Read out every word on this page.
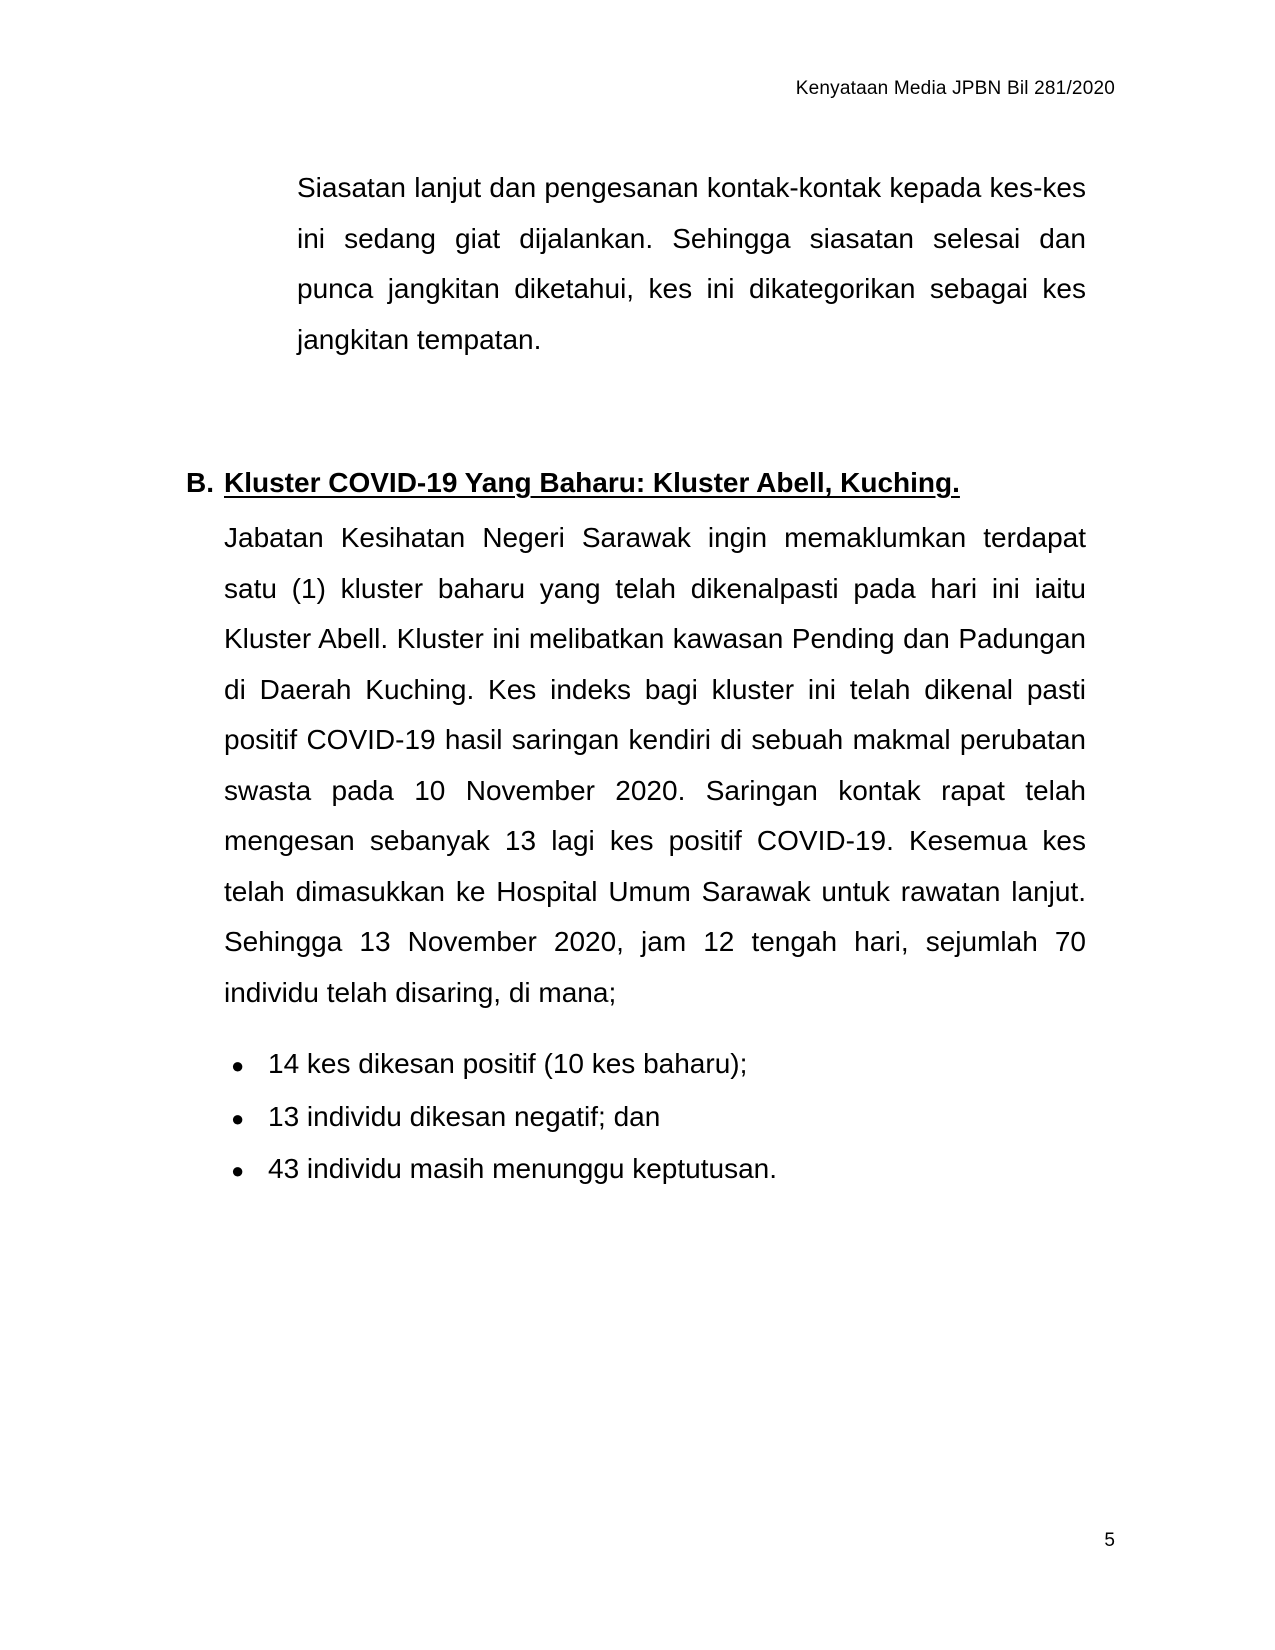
Kenyataan Media JPBN Bil 281/2020

Siasatan lanjut dan pengesanan kontak-kontak kepada kes-kes ini sedang giat dijalankan. Sehingga siasatan selesai dan punca jangkitan diketahui, kes ini dikategorikan sebagai kes jangkitan tempatan.

B. Kluster COVID-19 Yang Baharu: Kluster Abell, Kuching.

Jabatan Kesihatan Negeri Sarawak ingin memaklumkan terdapat satu (1) kluster baharu yang telah dikenalpasti pada hari ini iaitu Kluster Abell. Kluster ini melibatkan kawasan Pending dan Padungan di Daerah Kuching. Kes indeks bagi kluster ini telah dikenal pasti positif COVID-19 hasil saringan kendiri di sebuah makmal perubatan swasta pada 10 November 2020. Saringan kontak rapat telah mengesan sebanyak 13 lagi kes positif COVID-19. Kesemua kes telah dimasukkan ke Hospital Umum Sarawak untuk rawatan lanjut. Sehingga 13 November 2020, jam 12 tengah hari, sejumlah 70 individu telah disaring, di mana;

● 14 kes dikesan positif (10 kes baharu);
● 13 individu dikesan negatif; dan
● 43 individu masih menunggu keptutusan.
5
